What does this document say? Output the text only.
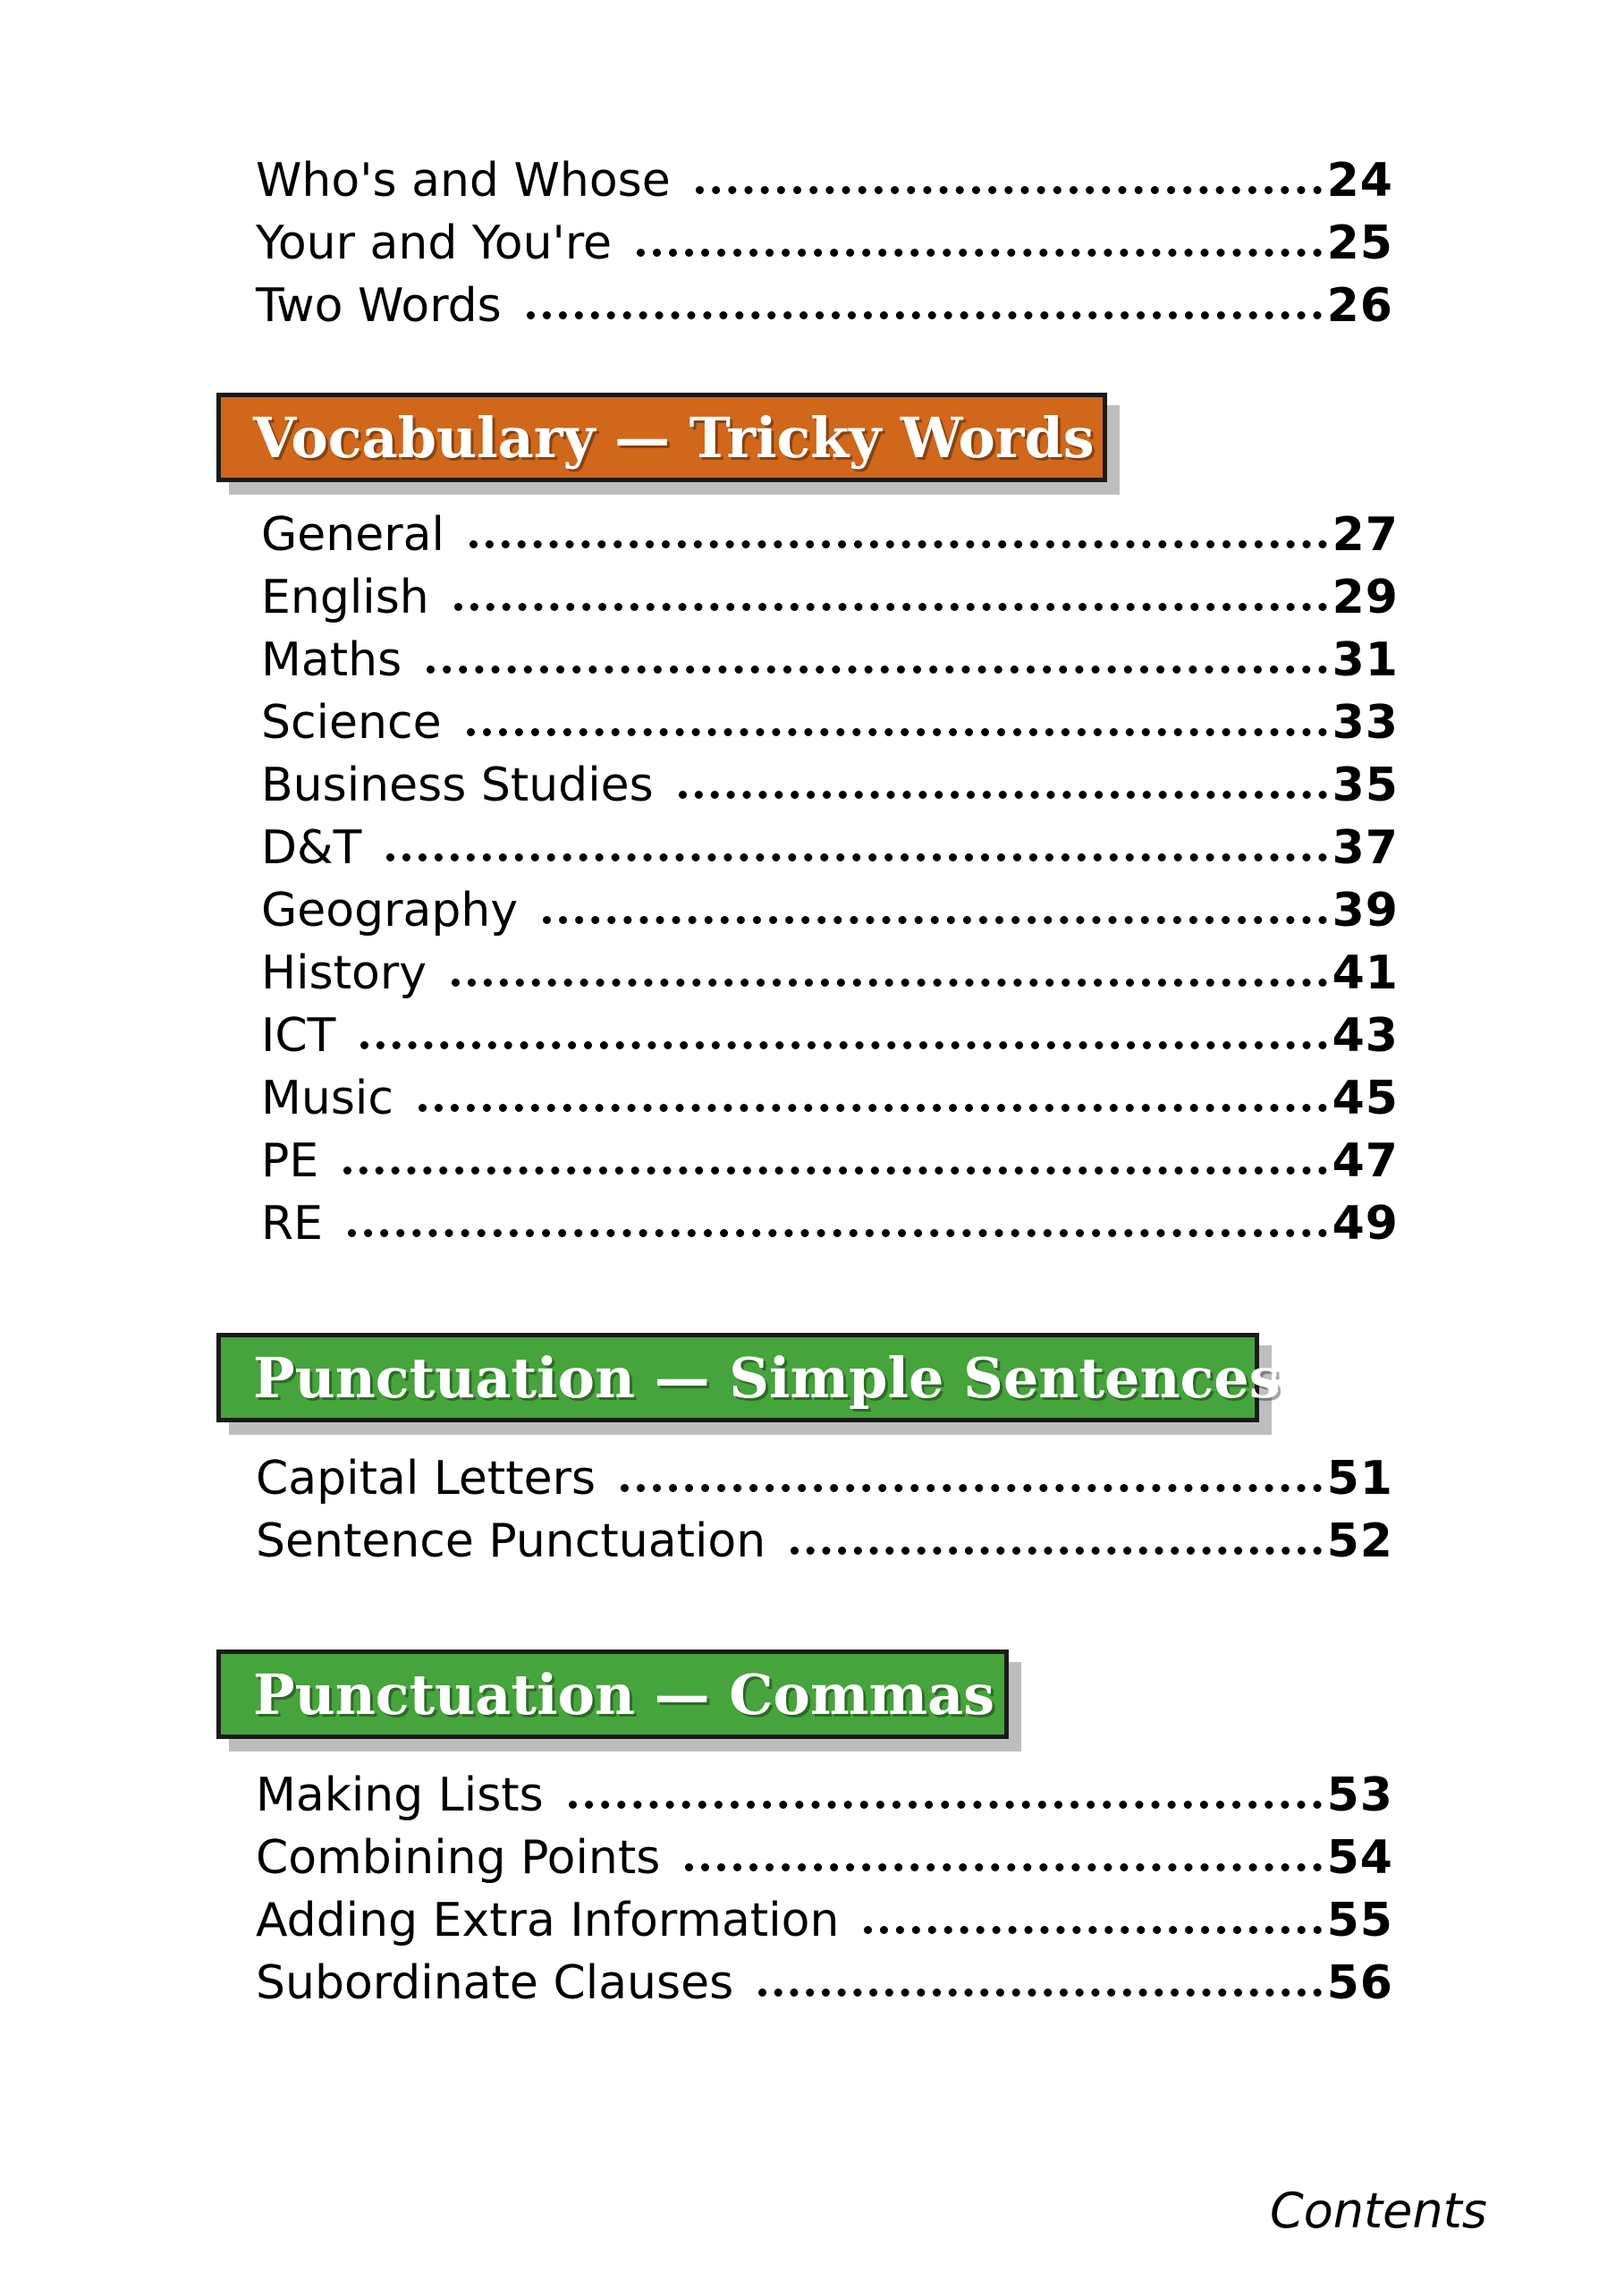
Who's and Whose	24
Your and You're	25
Two Words	26
Vocabulary — Tricky Words
General	27
English	29
Maths	31
Science	33
Business Studies	35
D&T	37
Geography	39
History	41
ICT	43
Music	45
PE	47
RE	49
Punctuation — Simple Sentences
Capital Letters	51
Sentence Punctuation	52
Punctuation — Commas
Making Lists	53
Combining Points	54
Adding Extra Information	55
Subordinate Clauses	56
Contents
